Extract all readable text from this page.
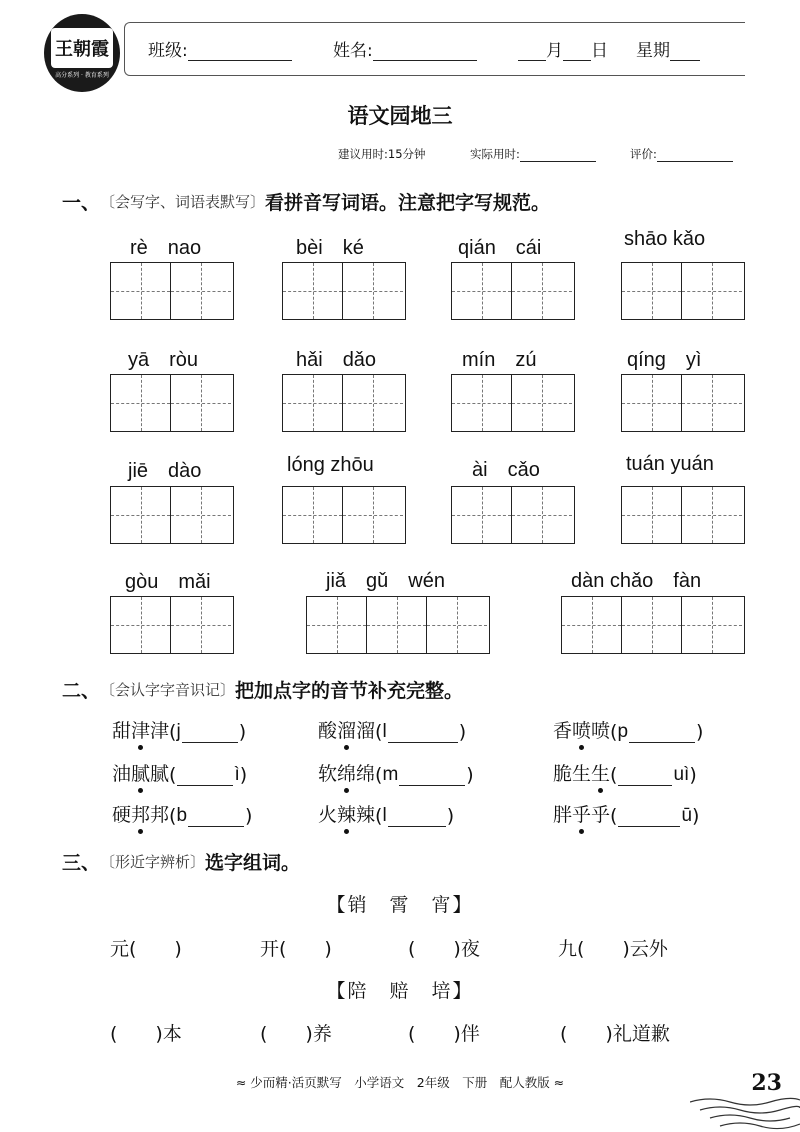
王朝霞
高分系列 · 教育系列
班级:	姓名:	月 日 星期
语文园地三
建议用时:15分钟	实际用时:	评价:
一、 〔会写字、词语表默写〕 看拼音写词语。注意把字写规范。
rè　nao	bèi　ké	qián　cái	shāo kǎo
yā　ròu	hǎi　dǎo	mín　zú	qíng　yì
jiē　dào	lóng zhōu	ài　cǎo	tuán yuán
gòu　mǎi	jiǎ　gǔ　wén	dàn chǎo　fàn
二、 〔会认字字音识记〕 把加点字的音节补充完整。
甜 津 津 ( j	)	酸 溜 溜 ( l	)	香 喷 喷 ( p	)
油 腻 腻 (	ì )	软 绵 绵 ( m	)	脆 生 生 (	uì )
硬 邦 邦 ( b	)	火 辣 辣 ( l	)	胖 乎 乎 (	ū )
三、 〔形近字辨析〕 选字组词。
【销　霄　宵】
元(　　)	开(　　)	(　　)夜	九(　　)云外
【陪　赔　培】
(　　)本	(　　)养	(　　)伴	(　　)礼道歉
≈ 少而精·活页默写　小学语文　2年级　下册　配人教版 ≈	23
